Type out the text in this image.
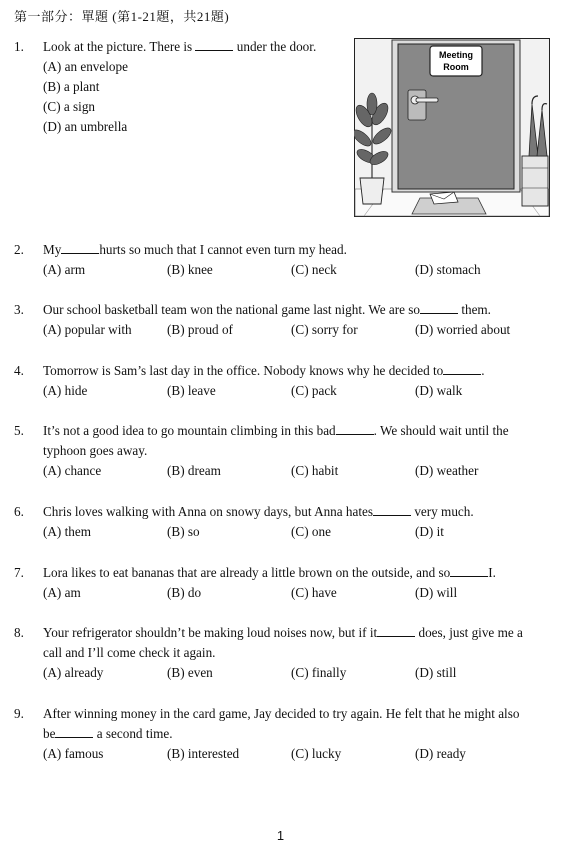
第一部分：單題 (第1-21題，共21題)
1. Look at the picture. There is	under the door.
(A) an envelope
(B) a plant
(C) a sign
(D) an umbrella
Meeting
Room
2. My	hurts so much that I cannot even turn my head.
(A) arm	(B) knee	(C) neck	(D) stomach
3. Our school basketball team won the national game last night. We are so	them.
(A) popular with	(B) proud of	(C) sorry for	(D) worried about
4. Tomorrow is Sam’s last day in the office. Nobody knows why he decided to	.
(A) hide	(B) leave	(C) pack	(D) walk
5. It’s not a good idea to go mountain climbing in this bad	. We should wait until the
typhoon goes away.
(A) chance	(B) dream	(C) habit	(D) weather
6. Chris loves walking with Anna on snowy days, but Anna hates	very much.
(A) them	(B) so	(C) one	(D) it
7. Lora likes to eat bananas that are already a little brown on the outside, and so	I.
(A) am	(B) do	(C) have	(D) will
8. Your refrigerator shouldn’t be making loud noises now, but if it	does, just give me a
call and I’ll come check it again.
(A) already	(B) even	(C) finally	(D) still
9. After winning money in the card game, Jay decided to try again. He felt that he might also
be	a second time.
(A) famous	(B) interested	(C) lucky	(D) ready
1
